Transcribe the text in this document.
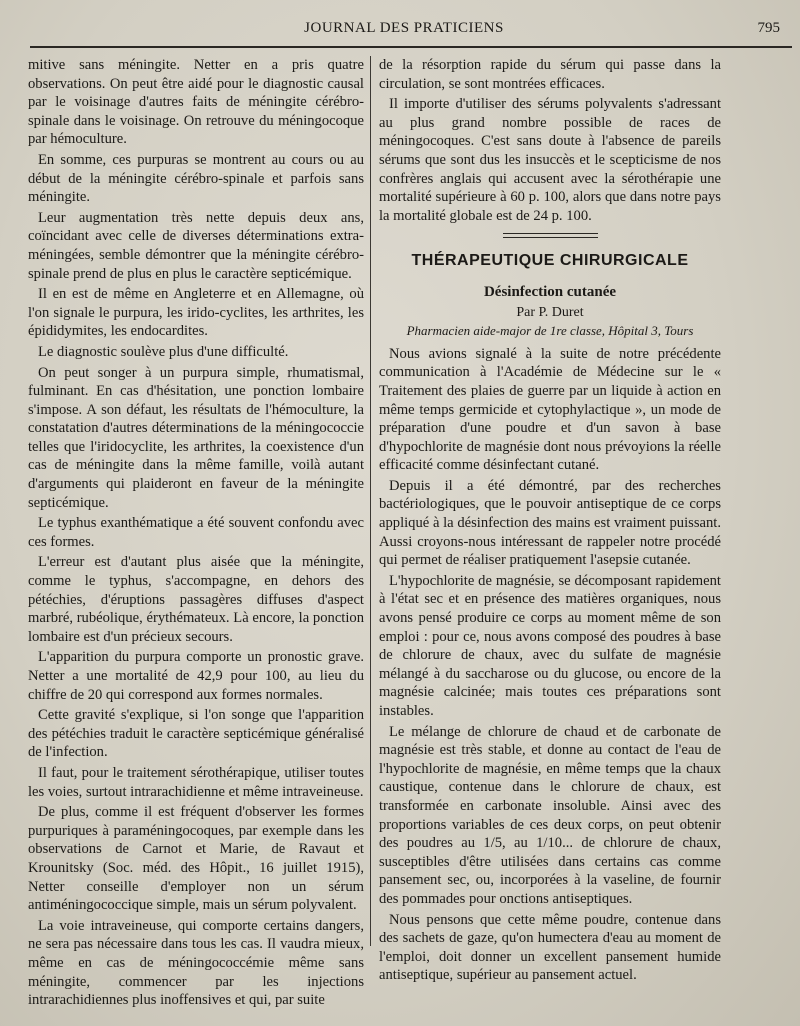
JOURNAL DES PRATICIENS	795

mitive sans méningite. Netter en a pris quatre observations. On peut être aidé pour le diagnostic causal par le voisinage d'autres faits de méningite cérébro-spinale dans le voisinage. On retrouve du méningocoque par hémoculture.

En somme, ces purpuras se montrent au cours ou au début de la méningite cérébro-spinale et parfois sans méningite.

Leur augmentation très nette depuis deux ans, coïncidant avec celle de diverses déterminations extra-méningées, semble démontrer que la méningite cérébro-spinale prend de plus en plus le caractère septicémique.

Il en est de même en Angleterre et en Allemagne, où l'on signale le purpura, les irido-cyclites, les arthrites, les épididymites, les endocardites.

Le diagnostic soulève plus d'une difficulté.

On peut songer à un purpura simple, rhumatismal, fulminant. En cas d'hésitation, une ponction lombaire s'impose. A son défaut, les résultats de l'hémoculture, la constatation d'autres déterminations de la méningococcie telles que l'iridocyclite, les arthrites, la coexistence d'un cas de méningite dans la même famille, voilà autant d'arguments qui plaideront en faveur de la méningite septicémique.

Le typhus exanthématique a été souvent confondu avec ces formes.

L'erreur est d'autant plus aisée que la méningite, comme le typhus, s'accompagne, en dehors des pétéchies, d'éruptions passagères diffuses d'aspect marbré, rubéolique, érythémateux. Là encore, la ponction lombaire est d'un précieux secours.

L'apparition du purpura comporte un pronostic grave. Netter a une mortalité de 42,9 pour 100, au lieu du chiffre de 20 qui correspond aux formes normales.

Cette gravité s'explique, si l'on songe que l'apparition des pétéchies traduit le caractère septicémique généralisé de l'infection.

Il faut, pour le traitement sérothérapique, utiliser toutes les voies, surtout intrarachidienne et même intraveineuse.

De plus, comme il est fréquent d'observer les formes purpuriques à paraméningocoques, par exemple dans les observations de Carnot et Marie, de Ravaut et Krounitsky (Soc. méd. des Hôpit., 16 juillet 1915), Netter conseille d'employer non un sérum antiméningococcique simple, mais un sérum polyvalent.

La voie intraveineuse, qui comporte certains dangers, ne sera pas nécessaire dans tous les cas. Il vaudra mieux, même en cas de méningococcémie même sans méningite, commencer par les injections intrarachidiennes plus inoffensives et qui, par suite

de la résorption rapide du sérum qui passe dans la circulation, se sont montrées efficaces.

Il importe d'utiliser des sérums polyvalents s'adressant au plus grand nombre possible de races de méningocoques. C'est sans doute à l'absence de pareils sérums que sont dus les insuccès et le scepticisme de nos confrères anglais qui accusent avec la sérothérapie une mortalité supérieure à 60 p. 100, alors que dans notre pays la mortalité globale est de 24 p. 100.

THÉRAPEUTIQUE CHIRURGICALE
Désinfection cutanée
Par P. Duret
Pharmacien aide-major de 1re classe, Hôpital 3, Tours

Nous avions signalé à la suite de notre précédente communication à l'Académie de Médecine sur le « Traitement des plaies de guerre par un liquide à action en même temps germicide et cytophylactique », un mode de préparation d'une poudre et d'un savon à base d'hypochlorite de magnésie dont nous prévoyions la réelle efficacité comme désinfectant cutané.

Depuis il a été démontré, par des recherches bactériologiques, que le pouvoir antiseptique de ce corps appliqué à la désinfection des mains est vraiment puissant. Aussi croyons-nous intéressant de rappeler notre procédé qui permet de réaliser pratiquement l'asepsie cutanée.

L'hypochlorite de magnésie, se décomposant rapidement à l'état sec et en présence des matières organiques, nous avons pensé produire ce corps au moment même de son emploi : pour ce, nous avons composé des poudres à base de chlorure de chaux, avec du sulfate de magnésie mélangé à du saccharose ou du glucose, ou encore de la magnésie calcinée; mais toutes ces préparations sont instables.

Le mélange de chlorure de chaud et de carbonate de magnésie est très stable, et donne au contact de l'eau de l'hypochlorite de magnésie, en même temps que la chaux caustique, contenue dans le chlorure de chaux, est transformée en carbonate insoluble. Ainsi avec des proportions variables de ces deux corps, on peut obtenir des poudres au 1/5, au 1/10... de chlorure de chaux, susceptibles d'être utilisées dans certains cas comme pansement sec, ou, incorporées à la vaseline, de fournir des pommades pour onctions antiseptiques.

Nous pensons que cette même poudre, contenue dans des sachets de gaze, qu'on humectera d'eau au moment de l'emploi, doit donner un excellent pansement humide antiseptique, supérieur au pansement actuel.
